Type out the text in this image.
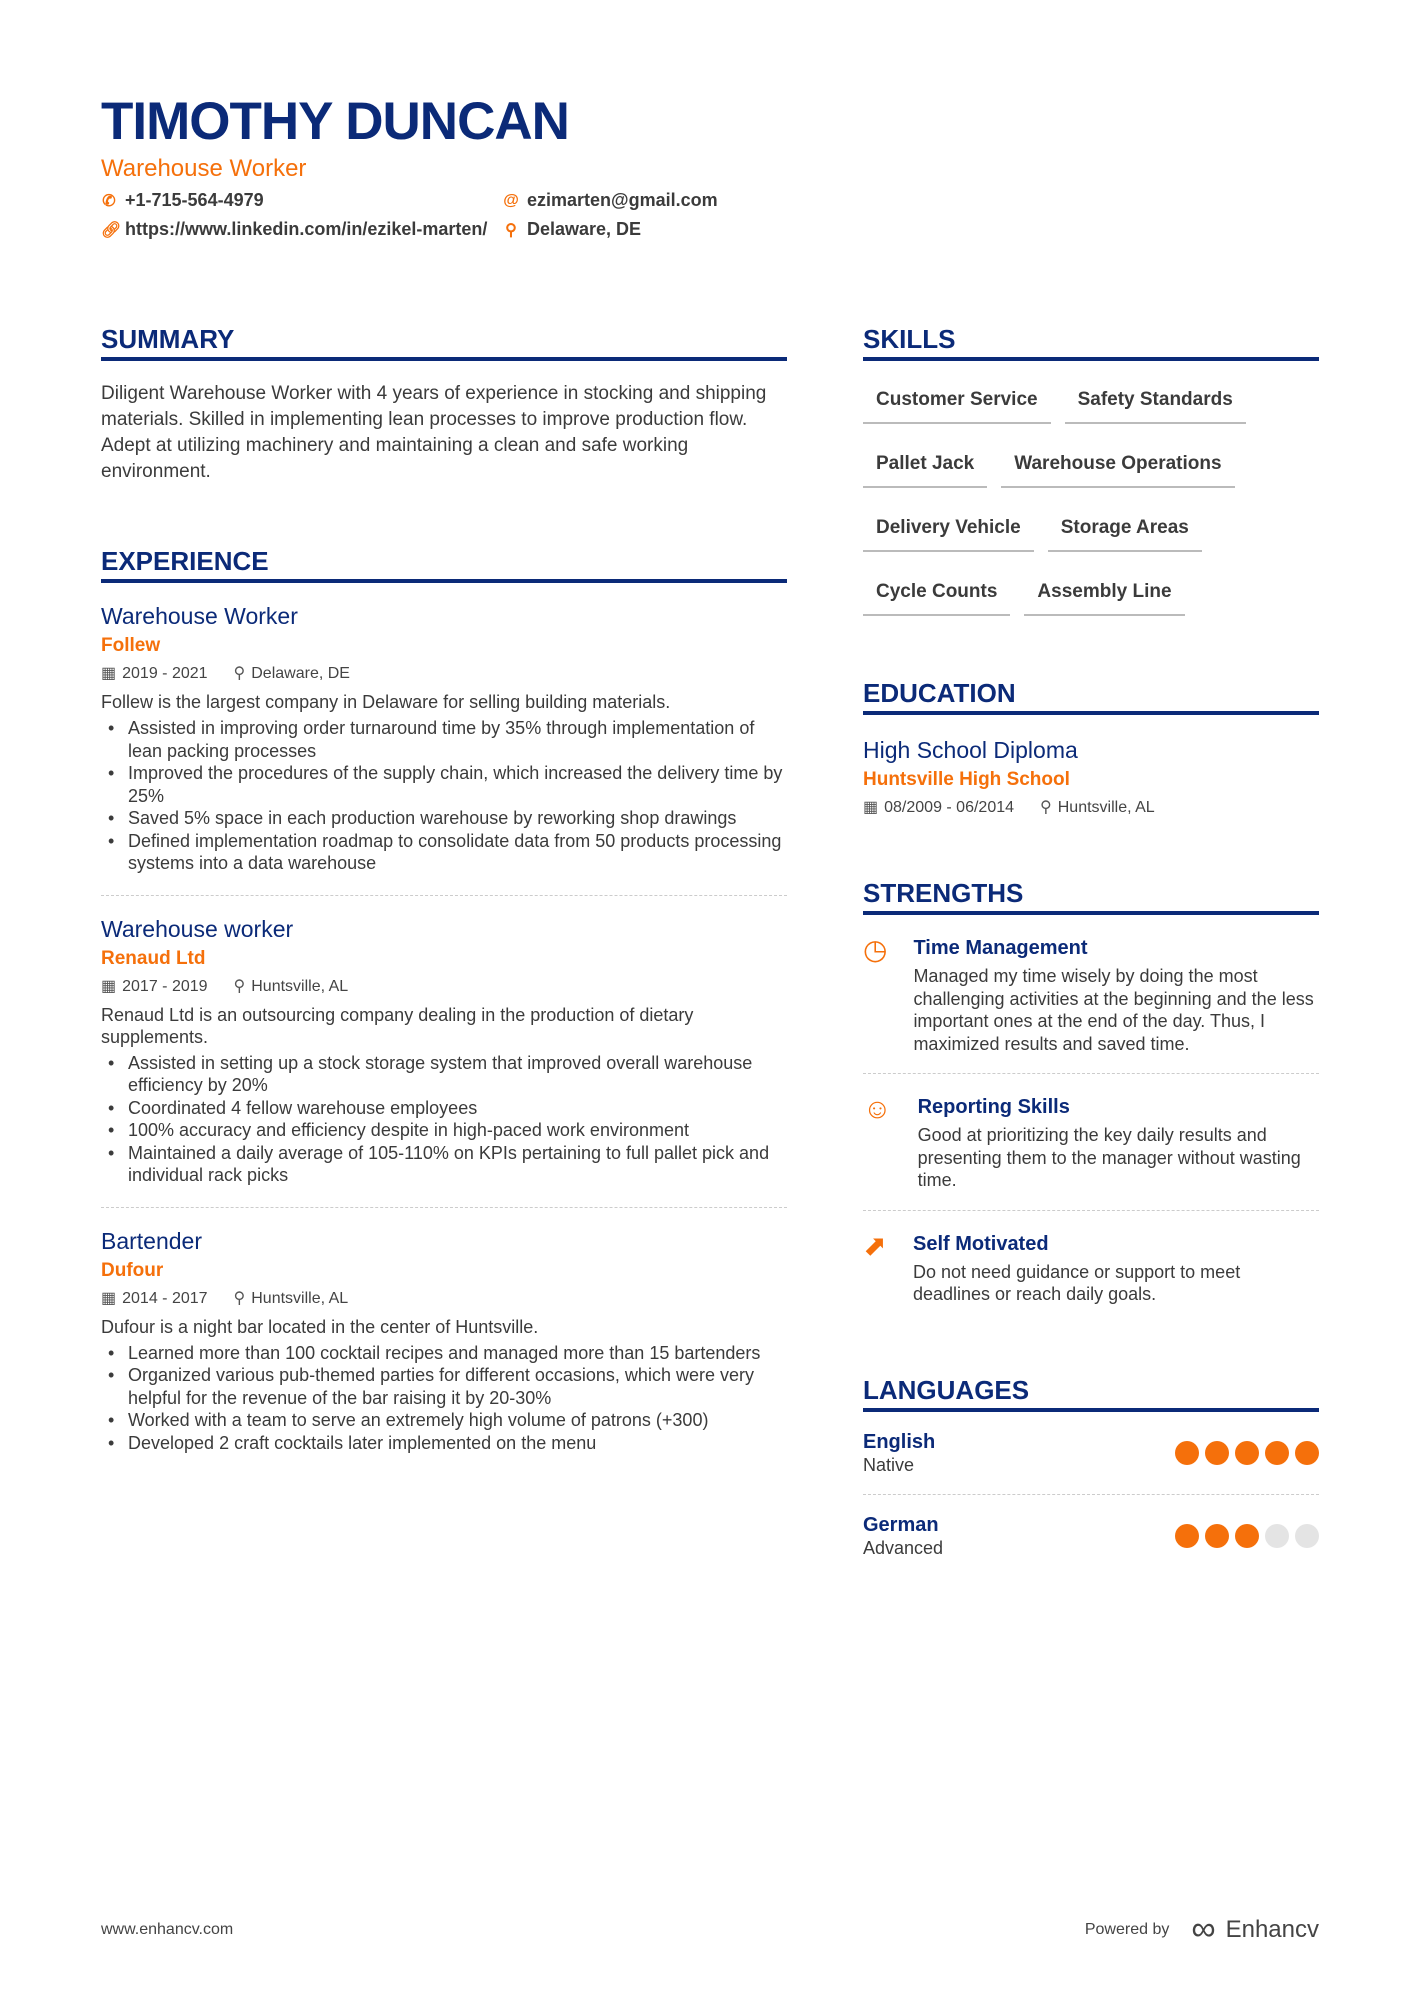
TIMOTHY DUNCAN
Warehouse Worker
✆ +1-715-564-4979	@ ezimarten@gmail.com
🔗︎ https://www.linkedin.com/in/ezikel-marten/ ⚲ Delaware, DE
SUMMARY

Diligent Warehouse Worker with 4 years of experience in stocking and shipping materials. Skilled in implementing lean processes to improve production flow. Adept at utilizing machinery and maintaining a clean and safe working environment.

EXPERIENCE
Warehouse Worker
Follew
▦ 2019 - 2021 ⚲ Delaware, DE
Follew is the largest company in Delaware for selling building materials.
• Assisted in improving order turnaround time by 35% through implementation of lean packing processes
• Improved the procedures of the supply chain, which increased the delivery time by 25%
• Saved 5% space in each production warehouse by reworking shop drawings
• Defined implementation roadmap to consolidate data from 50 products processing systems into a data warehouse
Warehouse worker
Renaud Ltd
▦ 2017 - 2019 ⚲ Huntsville, AL
Renaud Ltd is an outsourcing company dealing in the production of dietary supplements.
• Assisted in setting up a stock storage system that improved overall warehouse efficiency by 20%
• Coordinated 4 fellow warehouse employees
• 100% accuracy and efficiency despite in high-paced work environment
• Maintained a daily average of 105-110% on KPIs pertaining to full pallet pick and individual rack picks
Bartender
Dufour
▦ 2014 - 2017 ⚲ Huntsville, AL
Dufour is a night bar located in the center of Huntsville.
• Learned more than 100 cocktail recipes and managed more than 15 bartenders
• Organized various pub-themed parties for different occasions, which were very helpful for the revenue of the bar raising it by 20-30%
• Worked with a team to serve an extremely high volume of patrons (+300)
• Developed 2 craft cocktails later implemented on the menu
SKILLS
Customer Service	Safety Standards
Pallet Jack	Warehouse Operations
Delivery Vehicle	Storage Areas
Cycle Counts	Assembly Line
EDUCATION
High School Diploma
Huntsville High School
▦ 08/2009 - 06/2014 ⚲ Huntsville, AL
STRENGTHS
◷ Time Management
Managed my time wisely by doing the most challenging activities at the beginning and the less important ones at the end of the day. Thus, I maximized results and saved time.
☺ Reporting Skills
Good at prioritizing the key daily results and presenting them to the manager without wasting time.
⬈ Self Motivated
Do not need guidance or support to meet deadlines or reach daily goals.
LANGUAGES
English
Native
German
Advanced
www.enhancv.com	Powered by ∞ Enhancv
